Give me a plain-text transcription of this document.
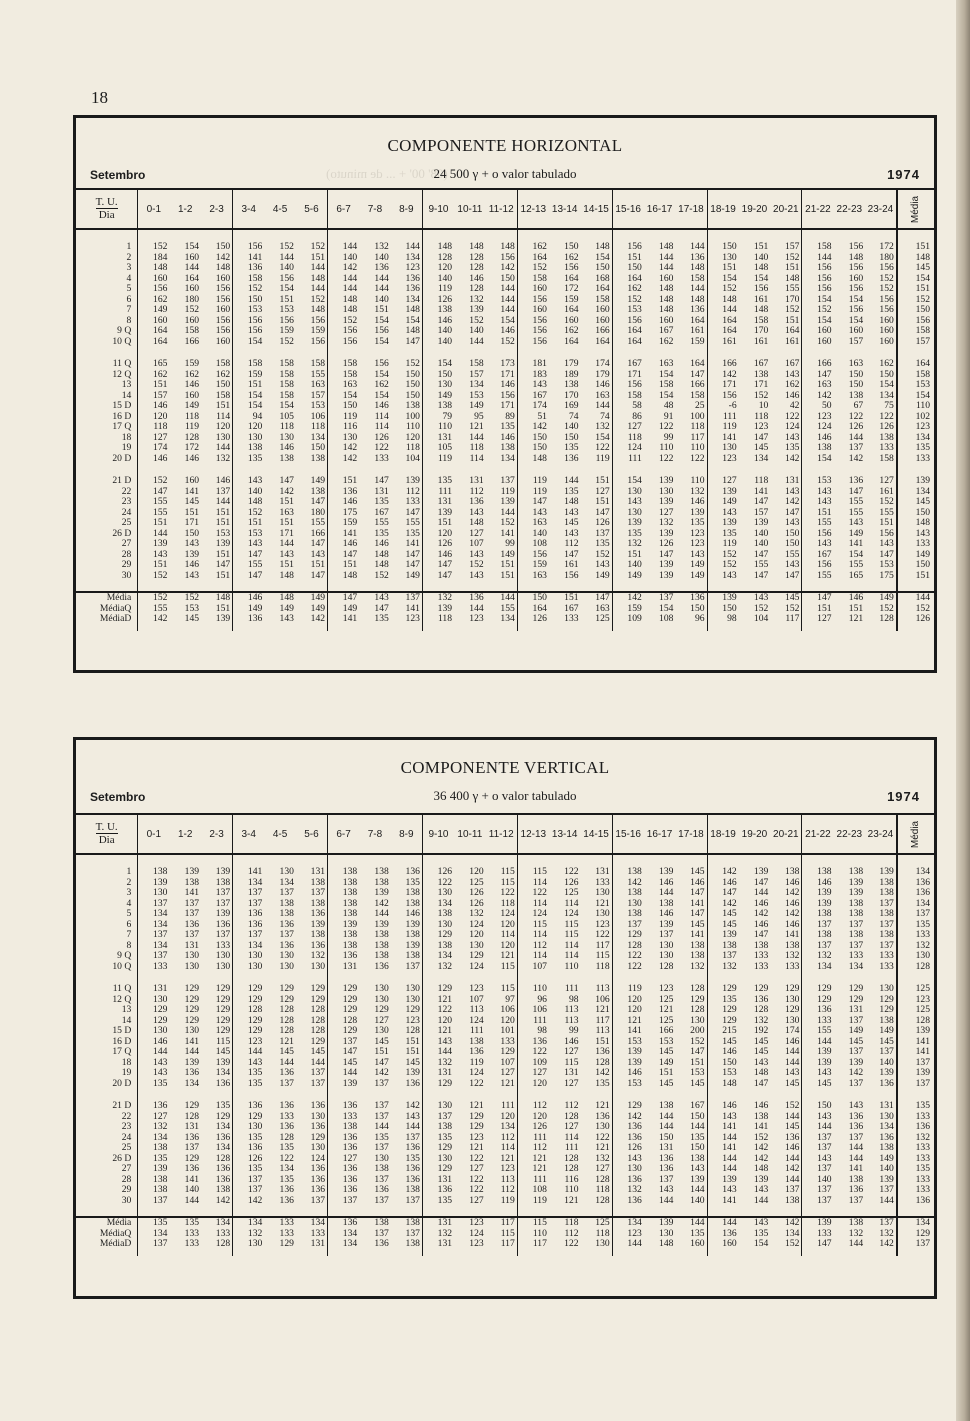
18
(08' 00' + ... de minuto)
COMPONENTE HORIZONTAL
Setembro	24 500 γ + o valor tabulado	1974
T. U.
Dia	0-1	1-2	2-3	3-4	4-5	5-6	6-7	7-8	8-9	9-10	10-11	11-12	12-13	13-14	14-15	15-16	16-17	17-18	18-19	19-20	20-21	21-22	22-23	23-24	Média

1	152	154	150	156	152	152	144	132	144	148	148	148	162	150	148	156	148	144	150	151	157	158	156	172	151
2	184	160	142	141	144	151	140	140	134	128	128	156	164	162	154	151	144	136	130	140	152	144	148	180	148
3	148	144	148	136	140	144	142	136	123	120	128	142	152	156	150	150	144	148	151	148	151	156	156	156	145
4	160	164	160	158	156	148	144	144	136	140	146	150	158	164	168	164	160	158	154	154	148	156	160	152	154
5	156	160	156	152	154	144	144	144	136	119	128	144	160	172	164	162	148	144	152	156	155	156	156	152	151
6	162	180	156	150	151	152	148	140	134	126	132	144	156	159	158	152	148	148	148	161	170	154	154	156	152
7	149	152	160	153	153	148	148	151	148	138	139	144	160	164	160	153	148	136	144	148	152	152	156	156	150
8	160	160	156	156	156	156	152	154	154	146	152	154	156	160	160	156	160	164	164	158	151	154	154	160	156
9 Q	164	158	156	156	159	159	156	156	148	140	140	146	156	162	166	164	167	161	164	170	164	160	160	160	158
10 Q	164	166	160	154	152	156	156	154	147	140	144	152	156	164	164	164	162	159	161	161	161	160	157	160	157

11 Q	165	159	158	158	158	158	158	156	152	154	158	173	181	179	174	167	163	164	166	167	167	166	163	162	164
12 Q	162	162	162	159	158	155	158	154	150	150	157	171	183	189	179	171	154	147	142	138	143	147	150	150	158
13	151	146	150	151	158	163	163	162	150	130	134	146	143	138	146	156	158	166	171	171	162	163	150	154	153
14	157	160	158	154	158	157	154	154	150	149	153	156	167	170	163	158	154	158	156	152	146	142	138	134	154
15 D	146	149	151	154	154	153	150	146	138	138	149	171	174	169	144	58	48	25	-6	10	42	50	67	75	110
16 D	120	118	114	94	105	106	119	114	100	79	95	89	51	74	74	86	91	100	111	118	122	123	122	122	102
17 Q	118	119	120	120	118	118	116	114	110	110	121	135	142	140	132	127	122	118	119	123	124	124	126	126	123
18	127	128	130	130	130	134	130	126	120	131	144	146	150	150	154	118	99	117	141	147	143	146	144	138	134
19	174	172	144	138	146	150	142	122	118	105	118	138	150	135	122	124	110	110	130	145	135	138	137	133	135
20 D	146	146	132	135	138	138	142	133	104	119	114	134	148	136	119	111	122	122	123	134	142	154	142	158	133

21 D	152	160	146	143	147	149	151	147	139	135	131	137	119	144	151	154	139	110	127	118	131	153	136	127	139
22	147	141	137	140	142	138	136	131	112	111	112	119	119	135	127	130	130	132	139	141	143	143	147	161	134
23	155	145	144	148	151	147	146	135	133	131	136	139	147	148	151	143	139	146	149	147	142	143	155	152	145
24	155	151	151	152	163	180	175	167	147	139	143	144	143	143	147	130	127	139	143	157	147	151	155	155	150
25	151	171	151	151	151	155	159	155	155	151	148	152	163	145	126	139	132	135	139	139	143	155	143	151	148
26 D	144	150	153	153	171	166	141	135	135	120	127	141	140	143	137	135	139	123	135	140	150	156	149	156	143
27	139	143	139	143	144	147	146	146	141	126	107	99	108	112	135	132	126	123	119	140	150	143	141	143	133
28	143	139	151	147	143	143	147	148	147	146	143	149	156	147	152	151	147	143	152	147	155	167	154	147	149
29	151	146	147	155	151	151	151	148	147	147	152	151	159	161	143	140	139	149	152	155	143	156	155	153	150
30	152	143	151	147	148	147	148	152	149	147	143	151	163	156	149	149	139	149	143	147	147	155	165	175	151

Média	152	152	148	146	148	149	147	143	137	132	136	144	150	151	147	142	137	136	139	143	145	147	146	149	144
MédiaQ	155	153	151	149	149	149	149	147	141	139	144	155	164	167	163	159	154	150	150	152	152	151	151	152	152
MédiaD	142	145	139	136	143	142	141	135	123	118	123	134	126	133	125	109	108	96	98	104	117	127	121	128	126

COMPONENTE VERTICAL
Setembro	36 400 γ + o valor tabulado	1974
T. U.
Dia	0-1	1-2	2-3	3-4	4-5	5-6	6-7	7-8	8-9	9-10	10-11	11-12	12-13	13-14	14-15	15-16	16-17	17-18	18-19	19-20	20-21	21-22	22-23	23-24	Média

1	138	139	139	141	130	131	138	138	136	126	120	115	115	122	131	138	139	145	142	139	138	138	138	139	134
2	139	138	138	134	134	138	138	138	135	122	125	115	114	126	133	142	146	146	146	147	146	146	139	138	136
3	130	141	137	137	137	137	138	139	138	130	126	122	122	125	130	138	144	147	147	144	142	139	139	138	136
4	137	137	137	137	138	138	138	142	138	134	126	118	114	114	121	130	138	141	142	146	146	139	138	137	134
5	134	137	139	136	138	136	138	144	146	138	132	124	124	124	130	138	146	147	145	142	142	138	138	138	137
6	134	136	136	136	136	139	139	139	139	130	124	120	115	115	123	137	139	145	145	146	146	137	137	137	135
7	137	137	137	137	137	138	138	138	138	129	120	114	114	115	122	129	137	141	139	147	141	138	138	138	133
8	134	131	133	134	136	136	138	138	139	138	130	120	112	114	117	128	130	138	138	138	138	137	137	137	132
9 Q	137	130	130	130	130	132	136	138	138	134	129	121	114	114	115	122	130	138	137	133	132	132	133	133	130
10 Q	133	130	130	130	130	130	131	136	137	132	124	115	107	110	118	122	128	132	132	133	133	134	134	133	128

11 Q	131	129	129	129	129	129	129	130	130	129	123	115	110	111	113	119	123	128	129	129	129	129	129	130	125
12 Q	130	129	129	129	129	129	129	130	130	121	107	97	96	98	106	120	125	129	135	136	130	129	129	129	123
13	129	129	129	128	128	128	129	129	129	122	113	106	106	113	121	120	121	128	129	128	129	136	131	129	125
14	129	129	129	129	128	128	128	127	123	120	124	120	111	113	117	121	125	130	129	132	130	133	137	138	128
15 D	130	130	129	129	128	128	129	130	128	121	111	101	98	99	113	141	166	200	215	192	174	155	149	149	139
16 D	146	141	115	123	121	129	137	145	151	143	138	133	136	146	151	153	153	152	145	145	146	144	145	145	141
17 Q	144	144	145	144	145	145	147	151	151	144	136	129	122	127	136	139	145	147	146	145	144	139	137	137	141
18	143	139	139	143	144	144	145	147	145	132	119	107	109	115	128	139	149	151	150	143	144	139	139	140	137
19	143	136	134	135	136	137	144	142	139	131	124	127	127	131	142	146	151	153	153	148	143	143	142	139	139
20 D	135	134	136	135	137	137	139	137	136	129	122	121	120	127	135	153	145	145	148	147	145	145	137	136	137

21 D	136	129	135	136	136	136	136	137	142	130	121	111	112	112	121	129	138	167	146	146	152	150	143	131	135
22	127	128	129	129	133	130	133	137	143	137	129	120	120	128	136	142	144	150	143	138	144	143	136	130	133
23	132	131	134	130	136	136	138	144	144	138	129	134	126	127	130	136	144	144	141	141	145	144	136	134	136
24	134	136	136	135	128	129	136	135	137	135	123	112	111	114	122	136	150	135	144	152	136	137	137	136	132
25	138	137	134	136	135	130	136	137	136	129	121	114	112	111	121	126	131	150	141	142	146	137	144	138	133
26 D	135	129	128	126	122	124	127	130	135	130	122	121	121	128	132	143	136	138	144	142	144	143	144	149	133
27	139	136	136	135	134	136	136	138	136	129	127	123	121	128	127	130	136	143	144	148	142	137	141	140	135
28	138	141	136	137	135	136	136	137	136	131	122	113	111	116	128	136	137	139	139	139	144	140	138	139	133
29	138	140	138	137	136	136	136	136	138	136	122	112	108	110	118	132	143	144	143	143	137	137	136	137	133
30	137	144	142	142	136	137	137	137	137	135	127	119	119	121	128	136	144	140	141	144	138	137	137	144	136

Média	135	135	134	134	133	134	136	138	138	131	123	117	115	118	125	134	139	144	144	143	142	139	138	137	134
MédiaQ	134	133	133	132	133	133	134	137	137	132	124	115	110	112	118	123	130	135	136	135	134	133	132	132	129
MédiaD	137	133	128	130	129	131	134	136	138	131	123	117	117	122	130	144	148	160	160	154	152	147	144	142	137
